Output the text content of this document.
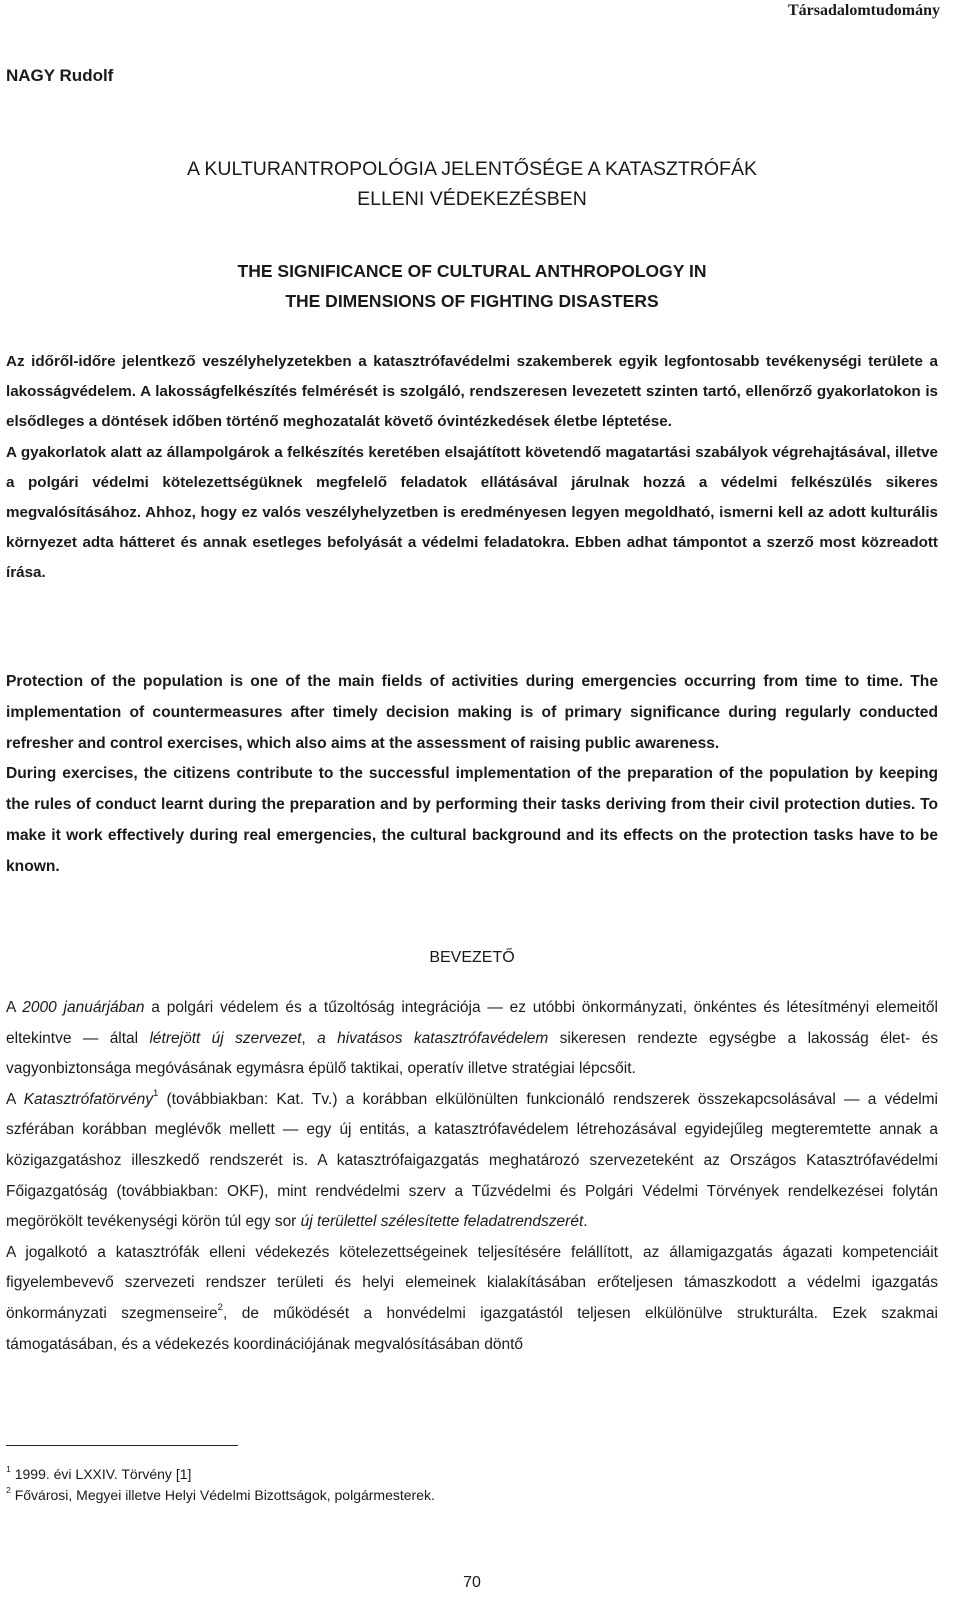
Társadalomtudomány
NAGY Rudolf
A KULTURANTROPOLÓGIA JELENTŐSÉGE A KATASZTRÓFÁK
ELLENI VÉDEKEZÉSBEN
THE SIGNIFICANCE OF CULTURAL ANTHROPOLOGY IN
THE DIMENSIONS OF FIGHTING DISASTERS

Az időről-időre jelentkező veszélyhelyzetekben a katasztrófavédelmi szakemberek egyik legfontosabb tevékenységi területe a lakosságvédelem. A lakosságfelkészítés felmérését is szolgáló, rendszeresen levezetett szinten tartó, ellenőrző gyakorlatokon is elsődleges a döntések időben történő meghozatalát követő óvintézkedések életbe léptetése.

A gyakorlatok alatt az állampolgárok a felkészítés keretében elsajátított követendő magatartási szabályok végrehajtásával, illetve a polgári védelmi kötelezettségüknek megfelelő feladatok ellátásával járulnak hozzá a védelmi felkészülés sikeres megvalósításához. Ahhoz, hogy ez valós veszélyhelyzetben is eredményesen legyen megoldható, ismerni kell az adott kulturális környezet adta hátteret és annak esetleges befolyását a védelmi feladatokra. Ebben adhat támpontot a szerző most közreadott írása.

Protection of the population is one of the main fields of activities during emergencies occurring from time to time. The implementation of countermeasures after timely decision making is of primary significance during regularly conducted refresher and control exercises, which also aims at the assessment of raising public awareness.

During exercises, the citizens contribute to the successful implementation of the preparation of the population by keeping the rules of conduct learnt during the preparation and by performing their tasks deriving from their civil protection duties. To make it work effectively during real emergencies, the cultural background and its effects on the protection tasks have to be known.

BEVEZETŐ

A 2000 januárjában a polgári védelem és a tűzoltóság integrációja — ez utóbbi önkormányzati, önkéntes és létesítményi elemeitől eltekintve — által létrejött új szervezet, a hivatásos katasztrófavédelem sikeresen rendezte egységbe a lakosság élet- és vagyonbiztonsága megóvásának egymásra épülő taktikai, operatív illetve stratégiai lépcsőit.

A Katasztrófatörvény$^1$ (továbbiakban: Kat. Tv.) a korábban elkülönülten funkcionáló rendszerek összekapcsolásával — a védelmi szférában korábban meglévők mellett — egy új entitás, a katasztrófavédelem létrehozásával egyidejűleg megteremtette annak a közigazgatáshoz illeszkedő rendszerét is. A katasztrófaigazgatás meghatározó szervezeteként az Országos Katasztrófavédelmi Főigazgatóság (továbbiakban: OKF), mint rendvédelmi szerv a Tűzvédelmi és Polgári Védelmi Törvények rendelkezései folytán megörökölt tevékenységi körön túl egy sor új területtel szélesítette feladatrendszerét.

A jogalkotó a katasztrófák elleni védekezés kötelezettségeinek teljesítésére felállított, az államigazgatás ágazati kompetenciáit figyelembevevő szervezeti rendszer területi és helyi elemeinek kialakításában erőteljesen támaszkodott a védelmi igazgatás önkormányzati szegmenseire$^2$, de működését a honvédelmi igazgatástól teljesen elkülönülve strukturálta. Ezek szakmai támogatásában, és a védekezés koordinációjának megvalósításában döntő

$^1$ 1999. évi LXXIV. Törvény [1]
$^2$ Fővárosi, Megyei illetve Helyi Védelmi Bizottságok, polgármesterek.
70
